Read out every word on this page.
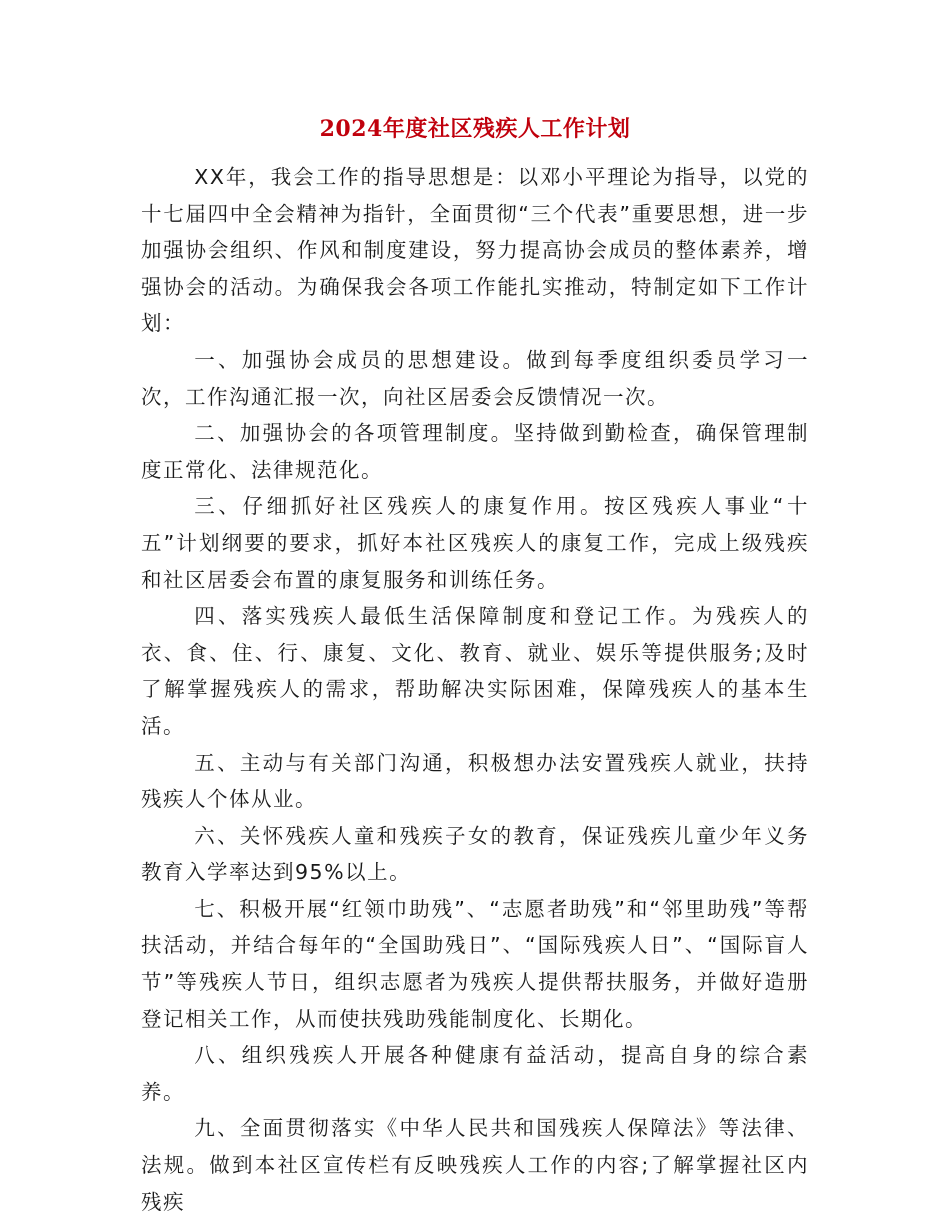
2024年度社区残疾人工作计划

XX年，我会工作的指导思想是：以邓小平理论为指导，以党的十七届四中全会精神为指针，全面贯彻“三个代表”重要思想，进一步加强协会组织、作风和制度建设，努力提高协会成员的整体素养，增强协会的活动。为确保我会各项工作能扎实推动，特制定如下工作计划：

一、加强协会成员的思想建设。做到每季度组织委员学习一次，工作沟通汇报一次，向社区居委会反馈情况一次。

二、加强协会的各项管理制度。坚持做到勤检查，确保管理制度正常化、法律规范化。

三、仔细抓好社区残疾人的康复作用。按区残疾人事业“十五”计划纲要的要求，抓好本社区残疾人的康复工作，完成上级残疾和社区居委会布置的康复服务和训练任务。

四、落实残疾人最低生活保障制度和登记工作。为残疾人的衣、食、住、行、康复、文化、教育、就业、娱乐等提供服务;及时了解掌握残疾人的需求，帮助解决实际困难，保障残疾人的基本生活。

五、主动与有关部门沟通，积极想办法安置残疾人就业，扶持残疾人个体从业。

六、关怀残疾人童和残疾子女的教育，保证残疾儿童少年义务教育入学率达到95%以上。

七、积极开展“红领巾助残”、“志愿者助残”和“邻里助残”等帮扶活动，并结合每年的“全国助残日”、“国际残疾人日”、“国际盲人节”等残疾人节日，组织志愿者为残疾人提供帮扶服务，并做好造册登记相关工作，从而使扶残助残能制度化、长期化。

八、组织残疾人开展各种健康有益活动，提高自身的综合素养。

九、全面贯彻落实《中华人民共和国残疾人保障法》等法律、法规。做到本社区宣传栏有反映残疾人工作的内容;了解掌握社区内残疾
